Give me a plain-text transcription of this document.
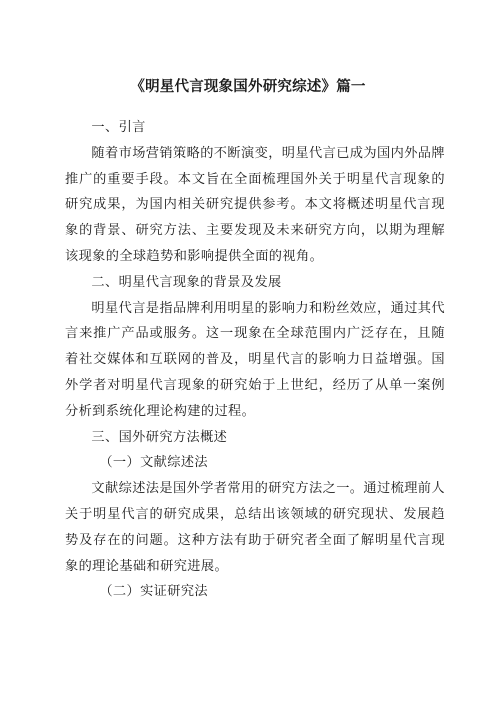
《明星代言现象国外研究综述》篇一

一、引言

随着市场营销策略的不断演变，明星代言已成为国内外品牌推广的重要手段。本文旨在全面梳理国外关于明星代言现象的研究成果，为国内相关研究提供参考。本文将概述明星代言现象的背景、研究方法、主要发现及未来研究方向，以期为理解该现象的全球趋势和影响提供全面的视角。

二、明星代言现象的背景及发展

明星代言是指品牌利用明星的影响力和粉丝效应，通过其代言来推广产品或服务。这一现象在全球范围内广泛存在，且随着社交媒体和互联网的普及，明星代言的影响力日益增强。国外学者对明星代言现象的研究始于上世纪，经历了从单一案例分析到系统化理论构建的过程。

三、国外研究方法概述

（一）文献综述法

文献综述法是国外学者常用的研究方法之一。通过梳理前人关于明星代言的研究成果，总结出该领域的研究现状、发展趋势及存在的问题。这种方法有助于研究者全面了解明星代言现象的理论基础和研究进展。

（二）实证研究法
